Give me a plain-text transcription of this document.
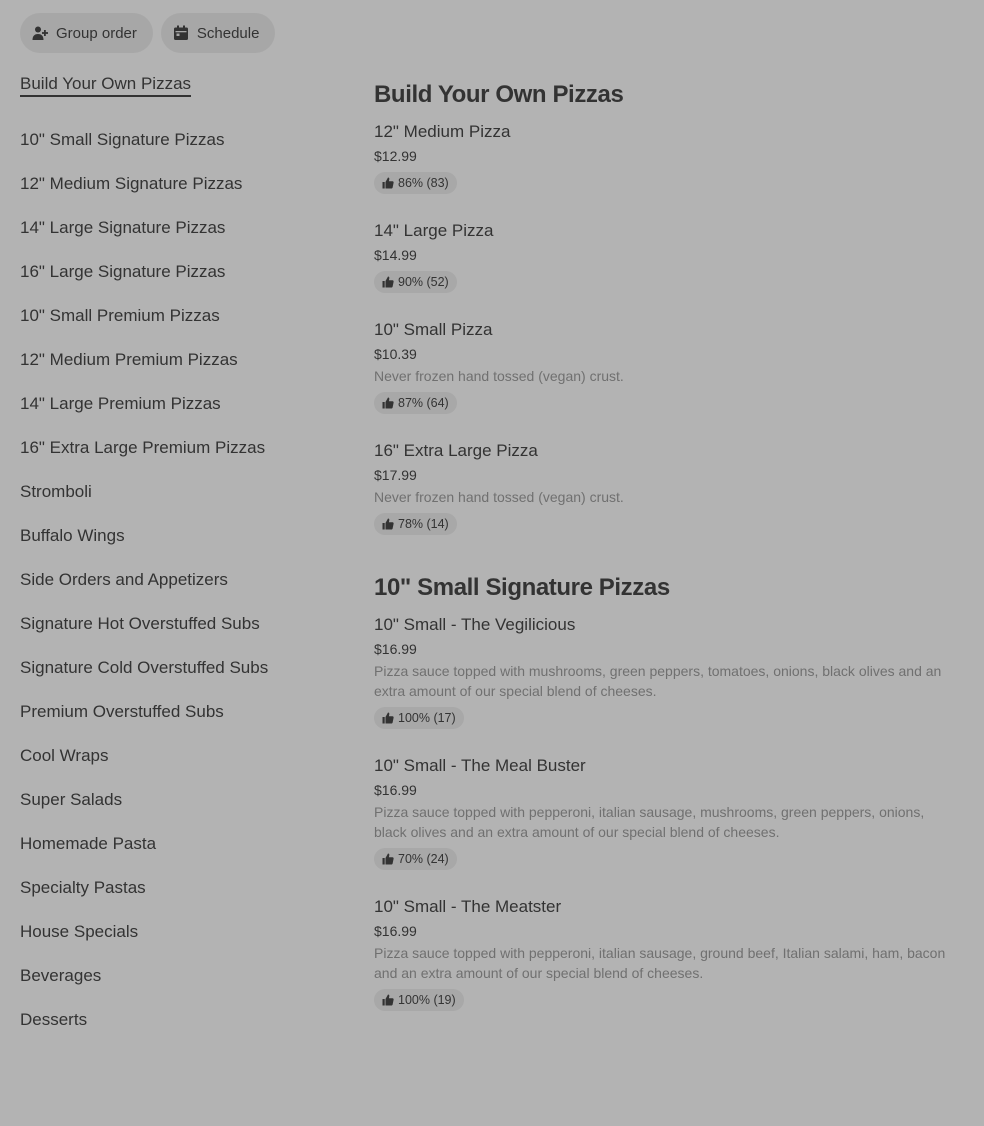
Group order	Schedule
Build Your Own Pizzas
10" Small Signature Pizzas
12" Medium Signature Pizzas
14" Large Signature Pizzas
16" Large Signature Pizzas
10" Small Premium Pizzas
12" Medium Premium Pizzas
14" Large Premium Pizzas
16" Extra Large Premium Pizzas
Stromboli
Buffalo Wings
Side Orders and Appetizers
Signature Hot Overstuffed Subs
Signature Cold Overstuffed Subs
Premium Overstuffed Subs
Cool Wraps
Super Salads
Homemade Pasta
Specialty Pastas
House Specials
Beverages
Desserts
Build Your Own Pizzas
12" Medium Pizza
$12.99
86% (83)
14" Large Pizza
$14.99
90% (52)
10" Small Pizza
$10.39
Never frozen hand tossed (vegan) crust.
87% (64)
16" Extra Large Pizza
$17.99
Never frozen hand tossed (vegan) crust.
78% (14)
10" Small Signature Pizzas
10" Small - The Vegilicious
$16.99
Pizza sauce topped with mushrooms, green peppers, tomatoes, onions, black olives and an extra amount of our special blend of cheeses.
100% (17)
10" Small - The Meal Buster
$16.99
Pizza sauce topped with pepperoni, italian sausage, mushrooms, green peppers, onions, black olives and an extra amount of our special blend of cheeses.
70% (24)
10" Small - The Meatster
$16.99
Pizza sauce topped with pepperoni, italian sausage, ground beef, Italian salami, ham, bacon and an extra amount of our special blend of cheeses.
100% (19)
